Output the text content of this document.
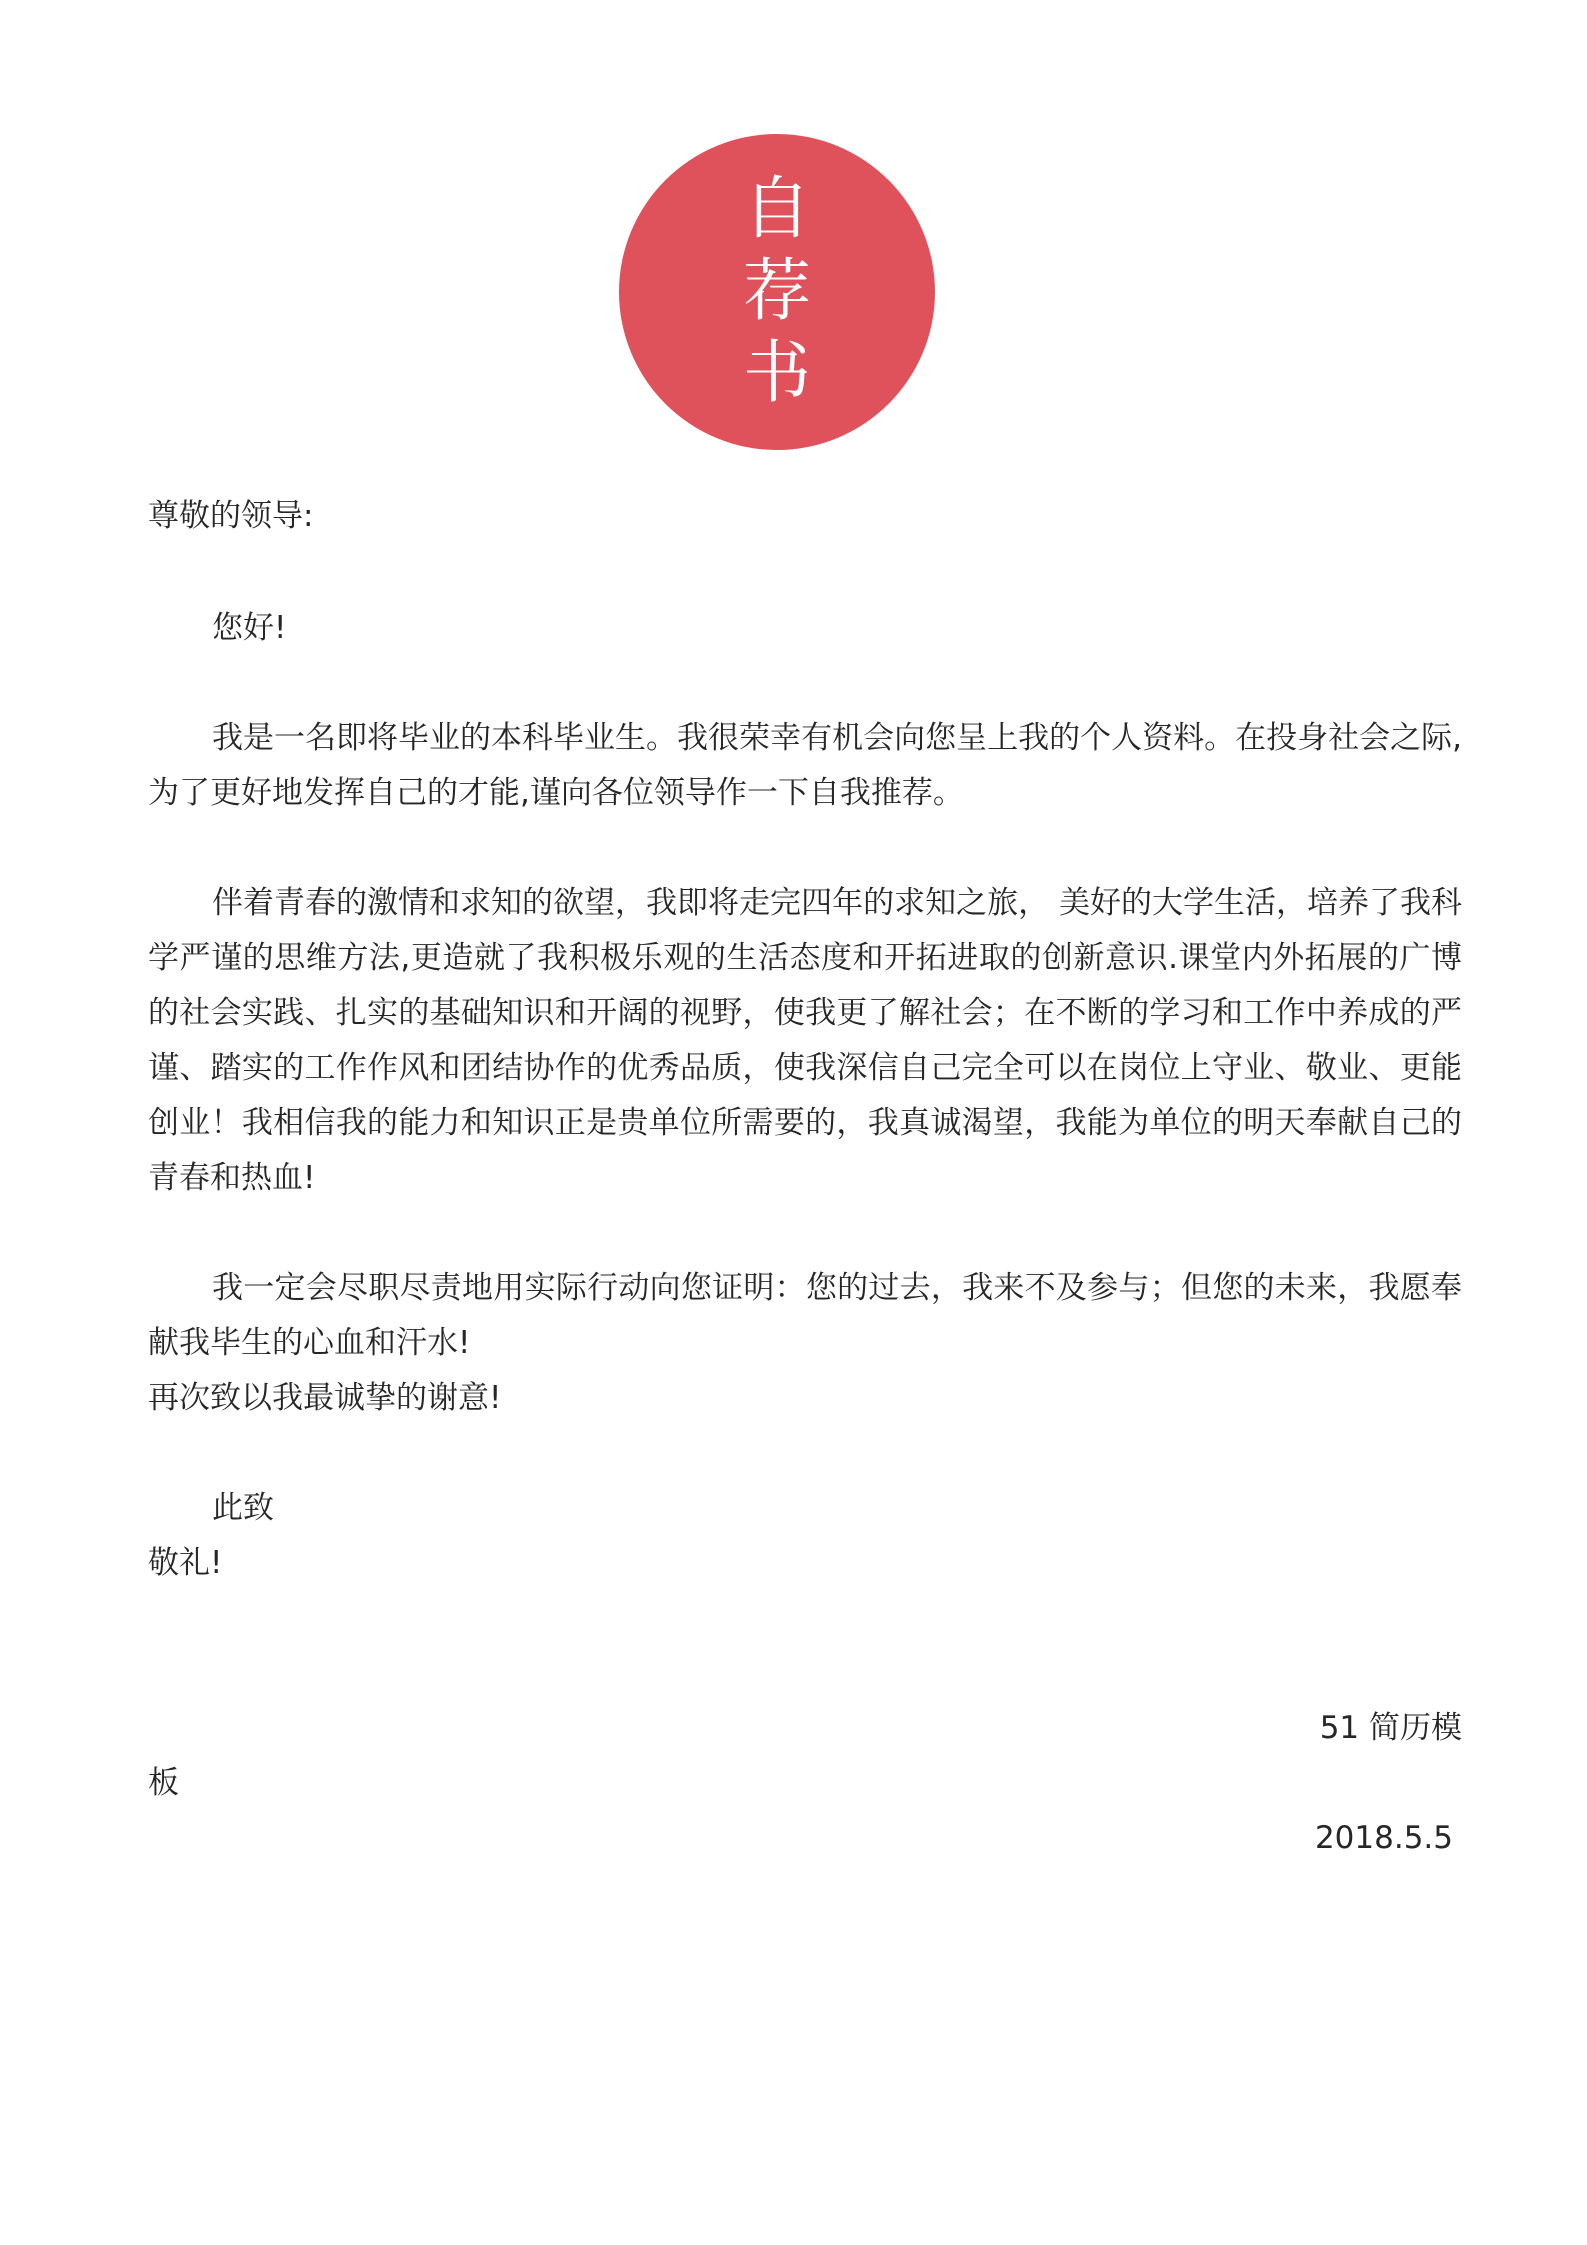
自
荐
书

尊敬的领导:

您好!

我是一名即将毕业的本科毕业生。我很荣幸有机会向您呈上我的个人资料。在投身社会之际,为了更好地发挥自己的才能,谨向各位领导作一下自我推荐。

伴着青春的激情和求知的欲望，我即将走完四年的求知之旅， 美好的大学生活，培养了我科学严谨的思维方法,更造就了我积极乐观的生活态度和开拓进取的创新意识.课堂内外拓展的广博的社会实践、扎实的基础知识和开阔的视野，使我更了解社会；在不断的学习和工作中养成的严谨、踏实的工作作风和团结协作的优秀品质，使我深信自己完全可以在岗位上守业、敬业、更能创业！我相信我的能力和知识正是贵单位所需要的，我真诚渴望，我能为单位的明天奉献自己的青春和热血!

我一定会尽职尽责地用实际行动向您证明：您的过去，我来不及参与；但您的未来，我愿奉献我毕生的心血和汗水!

再次致以我最诚挚的谢意!

此致

敬礼!

51 简历模

板

2018.5.5
